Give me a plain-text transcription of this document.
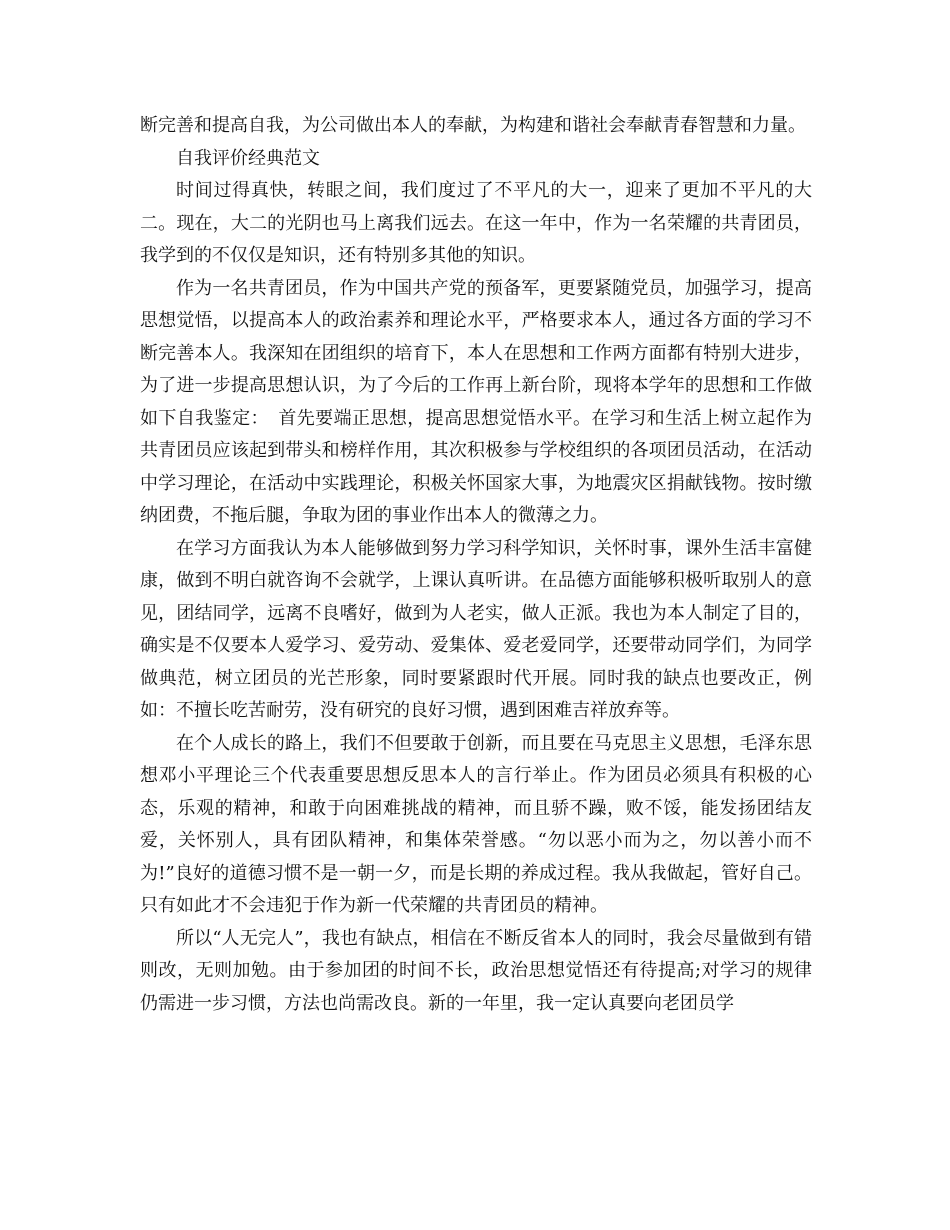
断完善和提高自我，为公司做出本人的奉献，为构建和谐社会奉献青春智慧和力量。

自我评价经典范文

时间过得真快，转眼之间，我们度过了不平凡的大一，迎来了更加不平凡的大二。现在，大二的光阴也马上离我们远去。在这一年中，作为一名荣耀的共青团员，我学到的不仅仅是知识，还有特别多其他的知识。

作为一名共青团员，作为中国共产党的预备军，更要紧随党员，加强学习，提高思想觉悟，以提高本人的政治素养和理论水平，严格要求本人，通过各方面的学习不断完善本人。我深知在团组织的培育下，本人在思想和工作两方面都有特别大进步，为了进一步提高思想认识，为了今后的工作再上新台阶，现将本学年的思想和工作做如下自我鉴定：　首先要端正思想，提高思想觉悟水平。在学习和生活上树立起作为共青团员应该起到带头和榜样作用，其次积极参与学校组织的各项团员活动，在活动中学习理论，在活动中实践理论，积极关怀国家大事，为地震灾区捐献钱物。按时缴纳团费，不拖后腿，争取为团的事业作出本人的微薄之力。

在学习方面我认为本人能够做到努力学习科学知识，关怀时事，课外生活丰富健康，做到不明白就咨询不会就学，上课认真听讲。在品德方面能够积极听取别人的意见，团结同学，远离不良嗜好，做到为人老实，做人正派。我也为本人制定了目的，确实是不仅要本人爱学习、爱劳动、爱集体、爱老爱同学，还要带动同学们，为同学做典范，树立团员的光芒形象，同时要紧跟时代开展。同时我的缺点也要改正，例如：不擅长吃苦耐劳，没有研究的良好习惯，遇到困难吉祥放弃等。

在个人成长的路上，我们不但要敢于创新，而且要在马克思主义思想，毛泽东思想邓小平理论三个代表重要思想反思本人的言行举止。作为团员必须具有积极的心态，乐观的精神，和敢于向困难挑战的精神，而且骄不躁，败不馁，能发扬团结友爱，关怀别人，具有团队精神，和集体荣誉感。“勿以恶小而为之，勿以善小而不为!”良好的道德习惯不是一朝一夕，而是长期的养成过程。我从我做起，管好自己。只有如此才不会违犯于作为新一代荣耀的共青团员的精神。

所以“人无完人”，我也有缺点，相信在不断反省本人的同时，我会尽量做到有错则改，无则加勉。由于参加团的时间不长，政治思想觉悟还有待提高;对学习的规律仍需进一步习惯，方法也尚需改良。新的一年里，我一定认真要向老团员学
